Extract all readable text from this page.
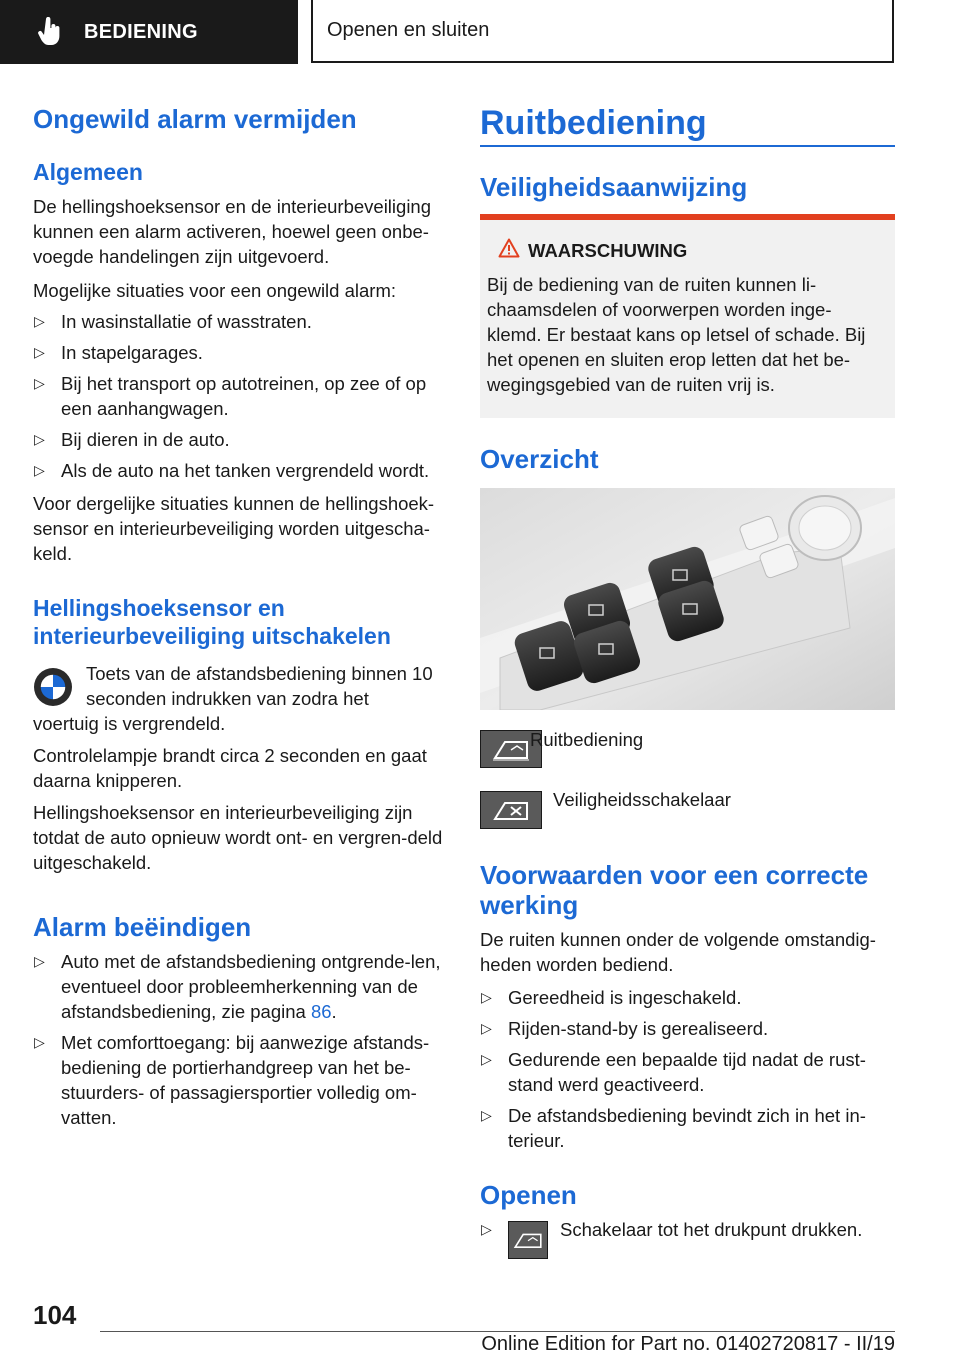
BEDIENING	Openen en sluiten
Ongewild alarm vermijden
Algemeen

De hellingshoeksensor en de interieurbeveiliging kunnen een alarm activeren, hoewel geen onbe-voegde handelingen zijn uitgevoerd.

Mogelijke situaties voor een ongewild alarm:

▷ In wasinstallatie of wasstraten.
▷ In stapelgarages.
▷ Bij het transport op autotreinen, op zee of op een aanhangwagen.
▷ Bij dieren in de auto.
▷ Als de auto na het tanken vergrendeld wordt.

Voor dergelijke situaties kunnen de hellingshoek-sensor en interieurbeveiliging worden uitgescha-keld.

Hellingshoeksensor en interieurbeveiliging uitschakelen

Toets van de afstandsbediening binnen 10 seconden indrukken van zodra het

voertuig is vergrendeld.

Controlelampje brandt circa 2 seconden en gaat daarna knipperen.

Hellingshoeksensor en interieurbeveiliging zijn totdat de auto opnieuw wordt ont- en vergren-deld uitgeschakeld.

Alarm beëindigen
▷ Auto met de afstandsbediening ontgrende-len, eventueel door probleemherkenning van de afstandsbediening, zie pagina 86.
▷ Met comforttoegang: bij aanwezige afstands-bediening de portierhandgreep van het be-stuurders- of passagiersportier volledig om-vatten.
Ruitbediening
Veiligheidsaanwijzing
WAARSCHUWING
Bij de bediening van de ruiten kunnen li-chaamsdelen of voorwerpen worden inge-klemd. Er bestaat kans op letsel of schade. Bij het openen en sluiten erop letten dat het be-wegingsgebied van de ruiten vrij is.
Overzicht

Ruitbediening

Veiligheidsschakelaar

Voorwaarden voor een correcte werking

De ruiten kunnen onder de volgende omstandig-heden worden bediend.

▷ Gereedheid is ingeschakeld.
▷ Rijden-stand-by is gerealiseerd.
▷ Gedurende een bepaalde tijd nadat de rust-stand werd geactiveerd.
▷ De afstandsbediening bevindt zich in het in-terieur.
Openen
▷	Schakelaar tot het drukpunt drukken.

104
Online Edition for Part no. 01402720817 - II/19
